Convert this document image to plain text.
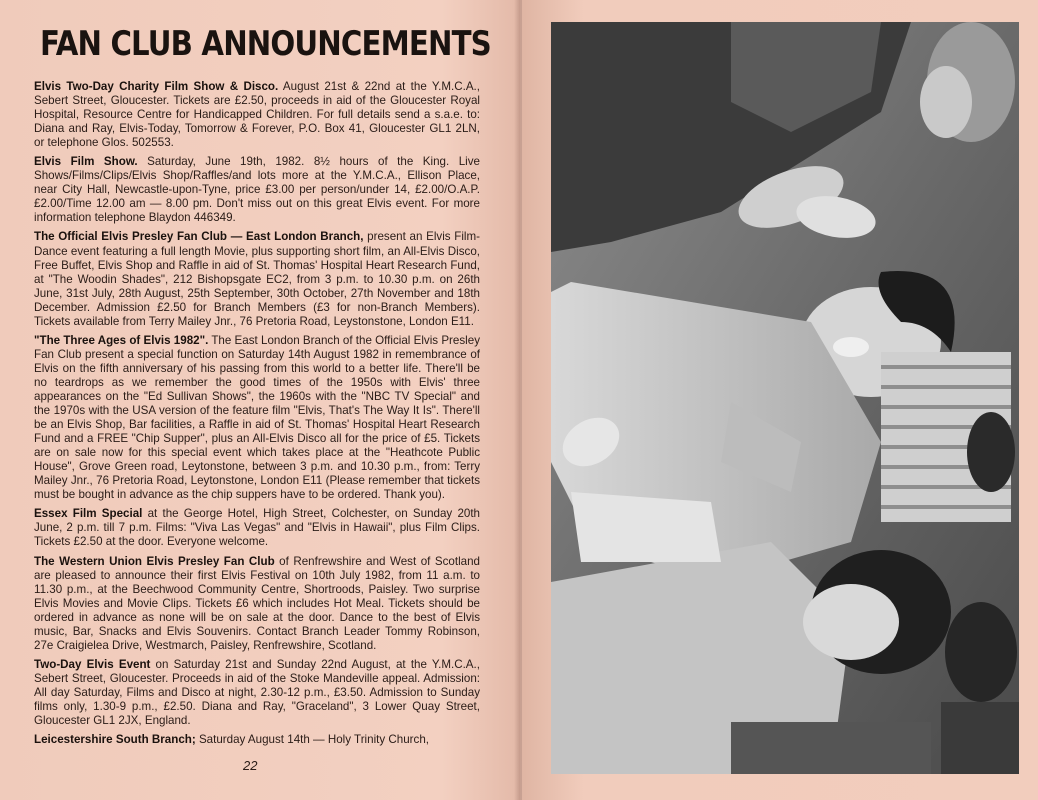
FAN CLUB ANNOUNCEMENTS

Elvis Two-Day Charity Film Show & Disco. August 21st & 22nd at the Y.M.C.A., Sebert Street, Gloucester. Tickets are £2.50, proceeds in aid of the Gloucester Royal Hospital, Resource Centre for Handicapped Children. For full details send a s.a.e. to: Diana and Ray, Elvis-Today, Tomorrow & Forever, P.O. Box 41, Gloucester GL1 2LN, or telephone Glos. 502553.

Elvis Film Show. Saturday, June 19th, 1982. 8½ hours of the King. Live Shows/Films/Clips/Elvis Shop/Raffles/and lots more at the Y.M.C.A., Ellison Place, near City Hall, Newcastle-upon-Tyne, price £3.00 per person/under 14, £2.00/O.A.P. £2.00/Time 12.00 am — 8.00 pm. Don't miss out on this great Elvis event. For more information telephone Blaydon 446349.

The Official Elvis Presley Fan Club — East London Branch, present an Elvis Film-Dance event featuring a full length Movie, plus supporting short film, an All-Elvis Disco, Free Buffet, Elvis Shop and Raffle in aid of St. Thomas' Hospital Heart Research Fund, at "The Woodin Shades", 212 Bishopsgate EC2, from 3 p.m. to 10.30 p.m. on 26th June, 31st July, 28th August, 25th September, 30th October, 27th November and 18th December. Admission £2.50 for Branch Members (£3 for non-Branch Members). Tickets available from Terry Mailey Jnr., 76 Pretoria Road, Leystonstone, London E11.

"The Three Ages of Elvis 1982". The East London Branch of the Official Elvis Presley Fan Club present a special function on Saturday 14th August 1982 in remembrance of Elvis on the fifth anniversary of his passing from this world to a better life. There'll be no teardrops as we remember the good times of the 1950s with Elvis' three appearances on the "Ed Sullivan Shows", the 1960s with the "NBC TV Special" and the 1970s with the USA version of the feature film "Elvis, That's The Way It Is". There'll be an Elvis Shop, Bar facilities, a Raffle in aid of St. Thomas' Hospital Heart Research Fund and a FREE "Chip Supper", plus an All-Elvis Disco all for the price of £5. Tickets are on sale now for this special event which takes place at the "Heathcote Public House", Grove Green road, Leytonstone, between 3 p.m. and 10.30 p.m., from: Terry Mailey Jnr., 76 Pretoria Road, Leytonstone, London E11 (Please remember that tickets must be bought in advance as the chip suppers have to be ordered. Thank you).

Essex Film Special at the George Hotel, High Street, Colchester, on Sunday 20th June, 2 p.m. till 7 p.m. Films: "Viva Las Vegas" and "Elvis in Hawaii", plus Film Clips. Tickets £2.50 at the door. Everyone welcome.

The Western Union Elvis Presley Fan Club of Renfrewshire and West of Scotland are pleased to announce their first Elvis Festival on 10th July 1982, from 11 a.m. to 11.30 p.m., at the Beechwood Community Centre, Shortroods, Paisley. Two surprise Elvis Movies and Movie Clips. Tickets £6 which includes Hot Meal. Tickets should be ordered in advance as none will be on sale at the door. Dance to the best of Elvis music, Bar, Snacks and Elvis Souvenirs. Contact Branch Leader Tommy Robinson, 27e Craigielea Drive, Westmarch, Paisley, Renfrewshire, Scotland.

Two-Day Elvis Event on Saturday 21st and Sunday 22nd August, at the Y.M.C.A., Sebert Street, Gloucester. Proceeds in aid of the Stoke Mandeville appeal. Admission: All day Saturday, Films and Disco at night, 2.30-12 p.m., £3.50. Admission to Sunday films only, 1.30-9 p.m., £2.50. Diana and Ray, "Graceland", 3 Lower Quay Street, Gloucester GL1 2JX, England.

Leicestershire South Branch; Saturday August 14th — Holy Trinity Church,

22
